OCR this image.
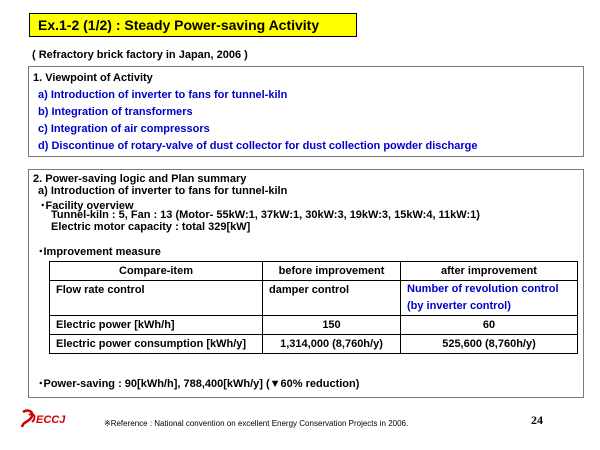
Ex.1-2 (1/2) : Steady Power-saving Activity
( Refractory brick factory in Japan, 2006 )
1. Viewpoint of Activity
a) Introduction of inverter to fans for tunnel-kiln
b) Integration of transformers
c) Integration of air compressors
d) Discontinue of rotary-valve of dust collector for dust collection powder discharge
2. Power-saving logic and Plan summary
a) Introduction of inverter to fans for tunnel-kiln
･Facility overview
Tunnel-kiln : 5, Fan : 13 (Motor- 55kW:1, 37kW:1, 30kW:3, 19kW:3, 15kW:4, 11kW:1)
Electric motor capacity : total 329[kW]
･Improvement measure
Compare-item	before improvement	after improvement
Flow rate control	damper control	Number of revolution control
(by inverter control)

Electric power [kWh/h]	150	60
Electric power consumption [kWh/y]	1,314,000 (8,760h/y)	525,600 (8,760h/y)
･Power-saving : 90[kWh/h], 788,400[kWh/y] (▼60% reduction)
ECCJ	※Reference : National convention on excellent Energy Conservation Projects in 2006.	24
